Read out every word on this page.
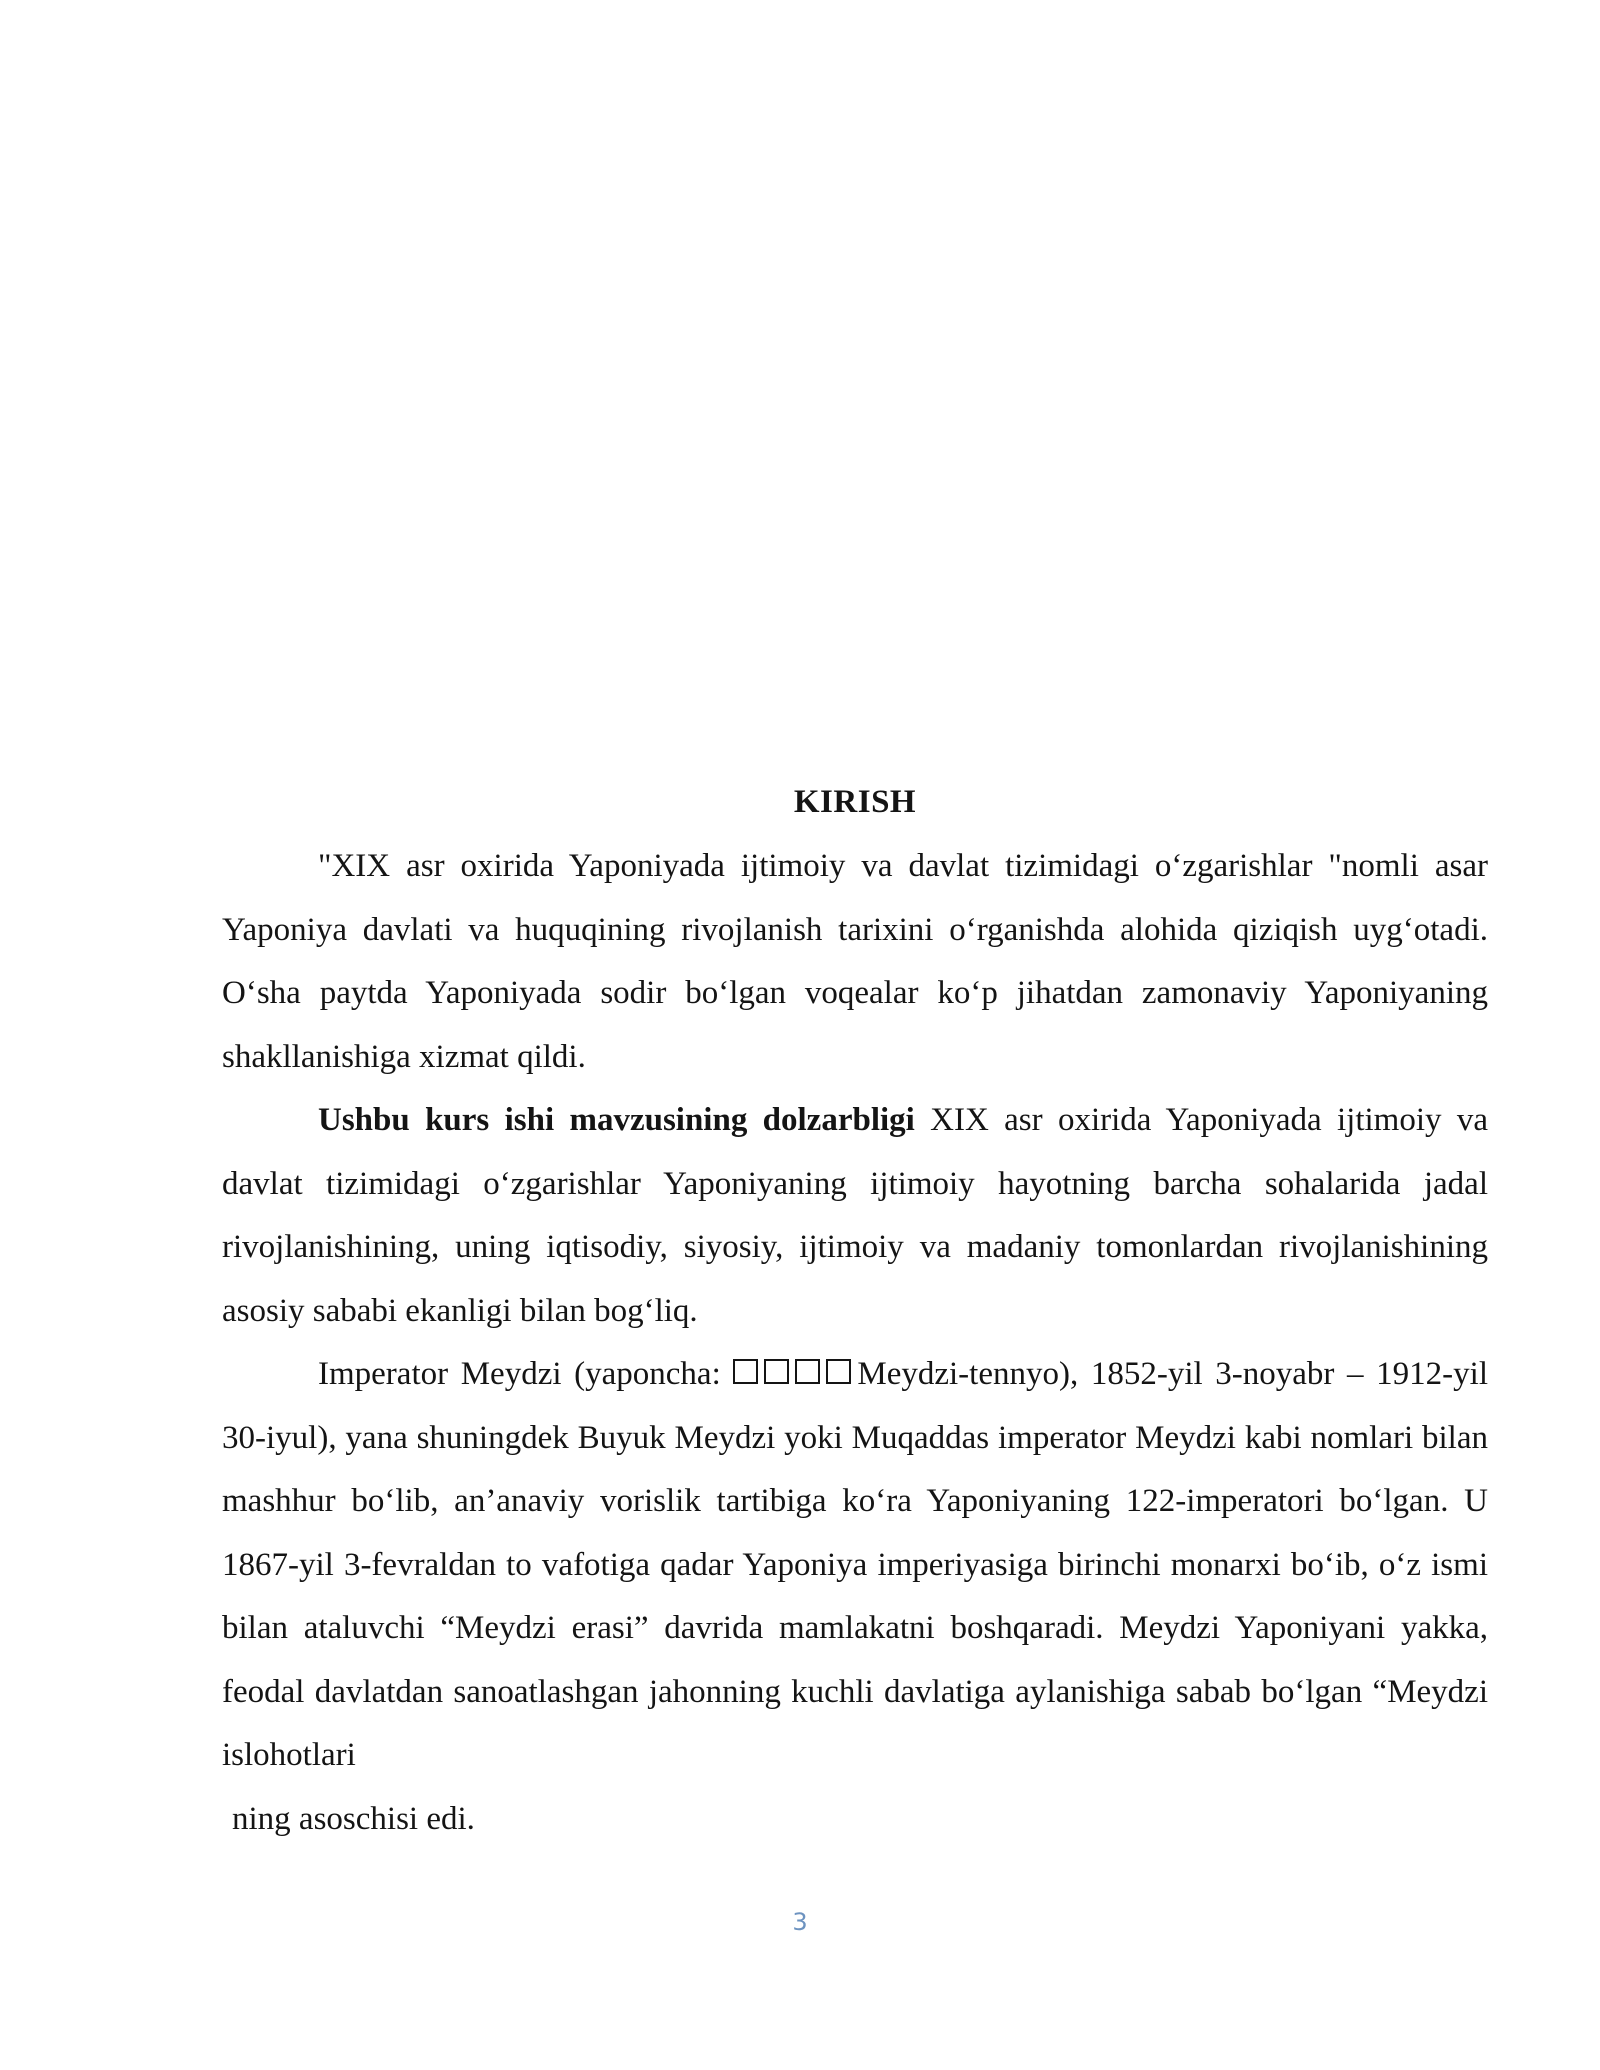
KIRISH

"XIX asr oxirida Yaponiyada ijtimoiy va davlat tizimidagi oʻzgarishlar "nomli asar Yaponiya davlati va huquqining rivojlanish tarixini oʻrganishda alohida qiziqish uygʻotadi. Oʻsha paytda Yaponiyada sodir boʻlgan voqealar koʻp jihatdan zamonaviy Yaponiyaning shakllanishiga xizmat qildi.

Ushbu kurs ishi mavzusining dolzarbligi XIX asr oxirida Yaponiyada ijtimoiy va davlat tizimidagi oʻzgarishlar Yaponiyaning ijtimoiy hayotning barcha sohalarida jadal rivojlanishining, uning iqtisodiy, siyosiy, ijtimoiy va madaniy tomonlardan rivojlanishining asosiy sababi ekanligi bilan bogʻliq.

Imperator Meydzi (yaponcha:	Meydzi-tennyo), 1852-yil 3-noyabr – 1912-yil 30-iyul), yana shuningdek Buyuk Meydzi yoki Muqaddas imperator Meydzi kabi nomlari bilan mashhur boʻlib, an’anaviy vorislik tartibiga koʻra Yaponiyaning 122-imperatori boʻlgan. U 1867-yil 3-fevraldan to vafotiga qadar Yaponiya imperiyasiga birinchi monarxi boʻib, oʻz ismi bilan ataluvchi “Meydzi erasi” davrida mamlakatni boshqaradi. Meydzi Yaponiyani yakka, feodal davlatdan sanoatlashgan jahonning kuchli davlatiga aylanishiga sabab boʻlgan “Meydzi islohotlari

ning asoschisi edi.

3
